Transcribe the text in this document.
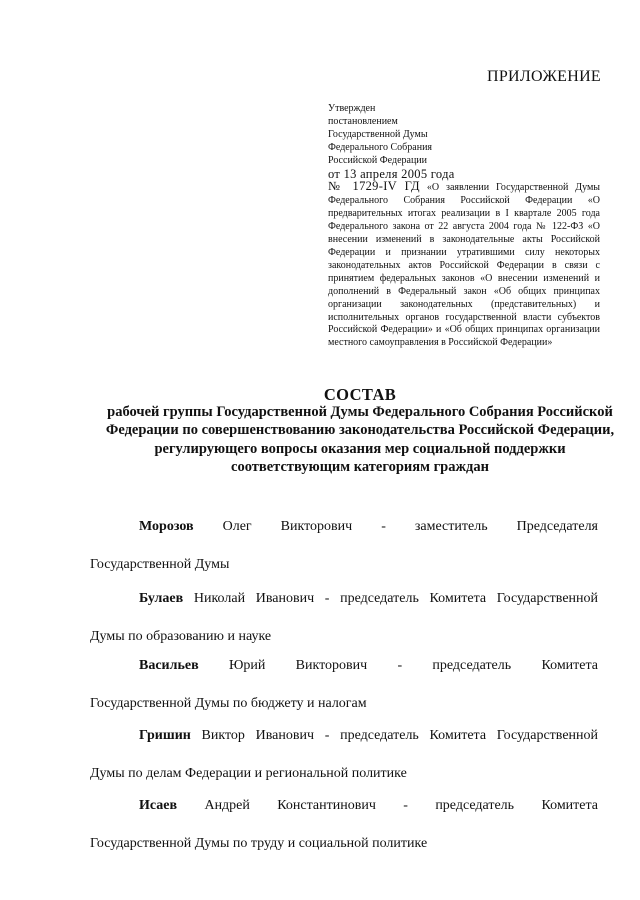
ПРИЛОЖЕНИЕ
Утвержден
постановлением
Государственной Думы
Федерального Собрания
Российской Федерации
от 13 апреля 2005 года
№ 1729-IV ГД «О заявлении Государственной Думы Федерального Собрания Российской Федерации «О предварительных итогах реализации в I квартале 2005 года Федерального закона от 22 августа 2004 года № 122-ФЗ «О внесении изменений в законодательные акты Российской Федерации и признании утратившими силу некоторых законодательных актов Российской Федерации в связи с принятием федеральных законов «О внесении изменений и дополнений в Федеральный закон «Об общих принципах организации законодательных (представительных) и исполнительных органов государственной власти субъектов Российской Федерации» и «Об общих принципах организации местного самоуправления в Российской Федерации»
СОСТАВ
рабочей группы Государственной Думы Федерального Собрания Российской Федерации по совершенствованию законодательства Российской Федерации, регулирующего вопросы оказания мер социальной поддержки соответствующим категориям граждан
Морозов Олег Викторович - заместитель Председателя
Государственной Думы
Булаев Николай Иванович - председатель Комитета Государственной
Думы по образованию и науке
Васильев Юрий Викторович - председатель Комитета
Государственной Думы по бюджету и налогам
Гришин Виктор Иванович - председатель Комитета Государственной
Думы по делам Федерации и региональной политике
Исаев Андрей Константинович - председатель Комитета
Государственной Думы по труду и социальной политике
